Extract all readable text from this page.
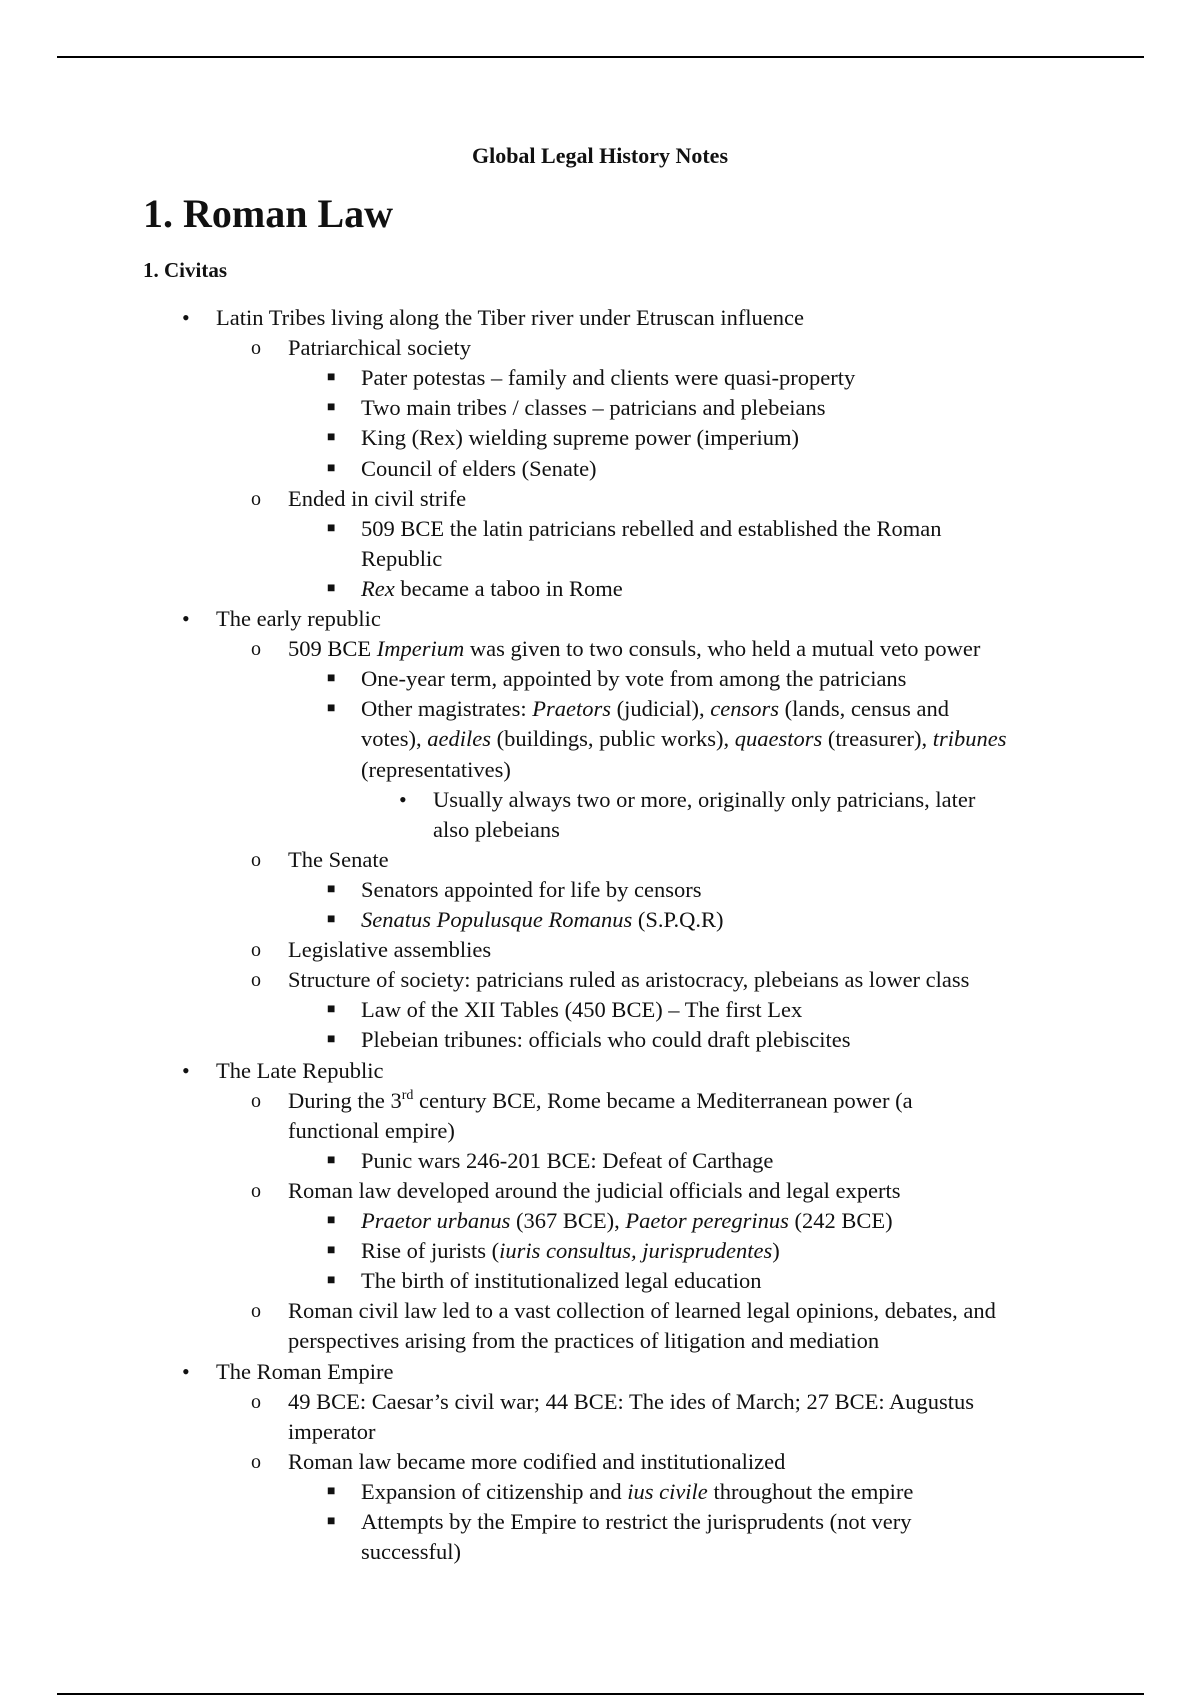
Global Legal History Notes
1. Roman Law
1. Civitas
• Latin Tribes living along the Tiber river under Etruscan influence
o Patriarchical society
■ Pater potestas – family and clients were quasi-property
■ Two main tribes / classes – patricians and plebeians
■ King (Rex) wielding supreme power (imperium)
■ Council of elders (Senate)
o Ended in civil strife
■ 509 BCE the latin patricians rebelled and established the Roman
Republic
■ Rex became a taboo in Rome
• The early republic
o 509 BCE Imperium was given to two consuls, who held a mutual veto power
■ One-year term, appointed by vote from among the patricians
■ Other magistrates: Praetors (judicial), censors (lands, census and
votes), aediles (buildings, public works), quaestors (treasurer), tribunes
(representatives)
• Usually always two or more, originally only patricians, later
also plebeians
o The Senate
■ Senators appointed for life by censors
■ Senatus Populusque Romanus (S.P.Q.R)
o Legislative assemblies
o Structure of society: patricians ruled as aristocracy, plebeians as lower class
■ Law of the XII Tables (450 BCE) – The first Lex
■ Plebeian tribunes: officials who could draft plebiscites
• The Late Republic
o During the 3rd century BCE, Rome became a Mediterranean power (a
functional empire)
■ Punic wars 246-201 BCE: Defeat of Carthage
o Roman law developed around the judicial officials and legal experts
■ Praetor urbanus (367 BCE), Paetor peregrinus (242 BCE)
■ Rise of jurists (iuris consultus, jurisprudentes)
■ The birth of institutionalized legal education
o Roman civil law led to a vast collection of learned legal opinions, debates, and
perspectives arising from the practices of litigation and mediation
• The Roman Empire
o 49 BCE: Caesar’s civil war; 44 BCE: The ides of March; 27 BCE: Augustus
imperator
o Roman law became more codified and institutionalized
■ Expansion of citizenship and ius civile throughout the empire
■ Attempts by the Empire to restrict the jurisprudents (not very
successful)
